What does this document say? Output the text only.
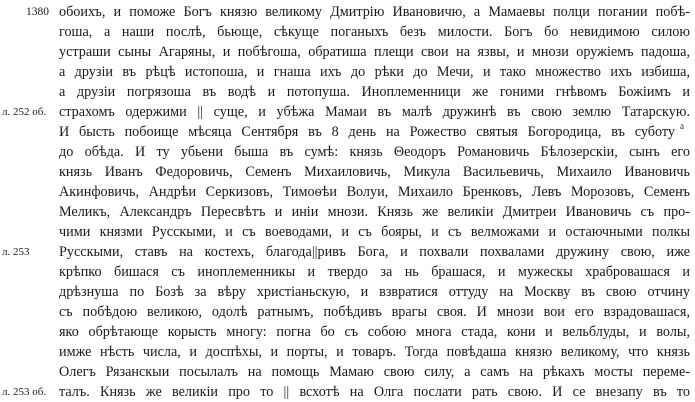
1380
л. 252 об.
л. 253
л. 253 об.
обоихъ, и поможе Богъ князю великому Дмитрію Ивановичю, а Мамаевы полци погании побѣ-
гоша, а наши послѣ, бьюще, сѣкуще поганыхъ безъ милости. Богъ бо невидимою силою
устраши сыны Агаряны, и побѣгоша, обратиша плещи свои на язвы, и мнози оружіемъ падоша,
а друзіи въ рѣцѣ истопоша, и гнаша ихъ до рѣки до Мечи, и тако множество ихъ избиша,
а друзіи погрязоша въ водѣ и потопуша. Иноплеменници же гоними гнѣвомъ Божіимъ и
страхомъ одержими || суще, и убѣжа Мамаи въ малѣ дружинѣ въ свою землю Татарскую.
И бысть побоище мѣсяца Сентября въ 8 день на Рожество святыя Богородица, въ суботу a
до обѣда. И ту убьени быша въ сумѣ: князь Θеодоръ Романовичь Бѣлозерскіи, сынъ его
князь Иванъ Федоровичь, Семенъ Михаиловичь, Микула Васильевичь, Михаило Ивановичь
Акинфовичь, Андрѣи Серкизовъ, Тимоѳѣи Волуи, Михаило Бренковъ, Левъ Морозовъ, Семенъ
Меликъ, Александръ Пересвѣтъ и иніи мнози. Князь же великіи Дмитреи Ивановичь съ про-
чими князми Русскыми, и съ воеводами, и съ бояры, и съ велможами и остаючными полкы
Русскыми, ставъ на костехъ, благода||ривъ Бога, и похвали похвалами дружину свою, иже
крѣпко бишася съ иноплеменникы и твердо за нь брашася, и мужескы храбровашася и
дрѣзнуша по Бозѣ за вѣру христіаньскую, и взвратися оттуду на Москву въ свою отчину
съ побѣдою великою, одолѣ ратнымъ, побѣдивъ врагы своя. И мнози вои его взрадовашася,
яко обрѣтающе корысть многу: погна бо съ собою многа стада, кони и вельблуды, и волы,
имже нѣсть числа, и доспѣхы, и порты, и товаръ. Тогда повѣдаша князю великому, что князь
Олегъ Рязанскыи посылалъ на помощь Мамаю свою силу, а самъ на рѣкахъ мосты переме-
талъ. Князь же великіи про то || всхотѣ на Олга послати рать свою. И се внезапу въ то
